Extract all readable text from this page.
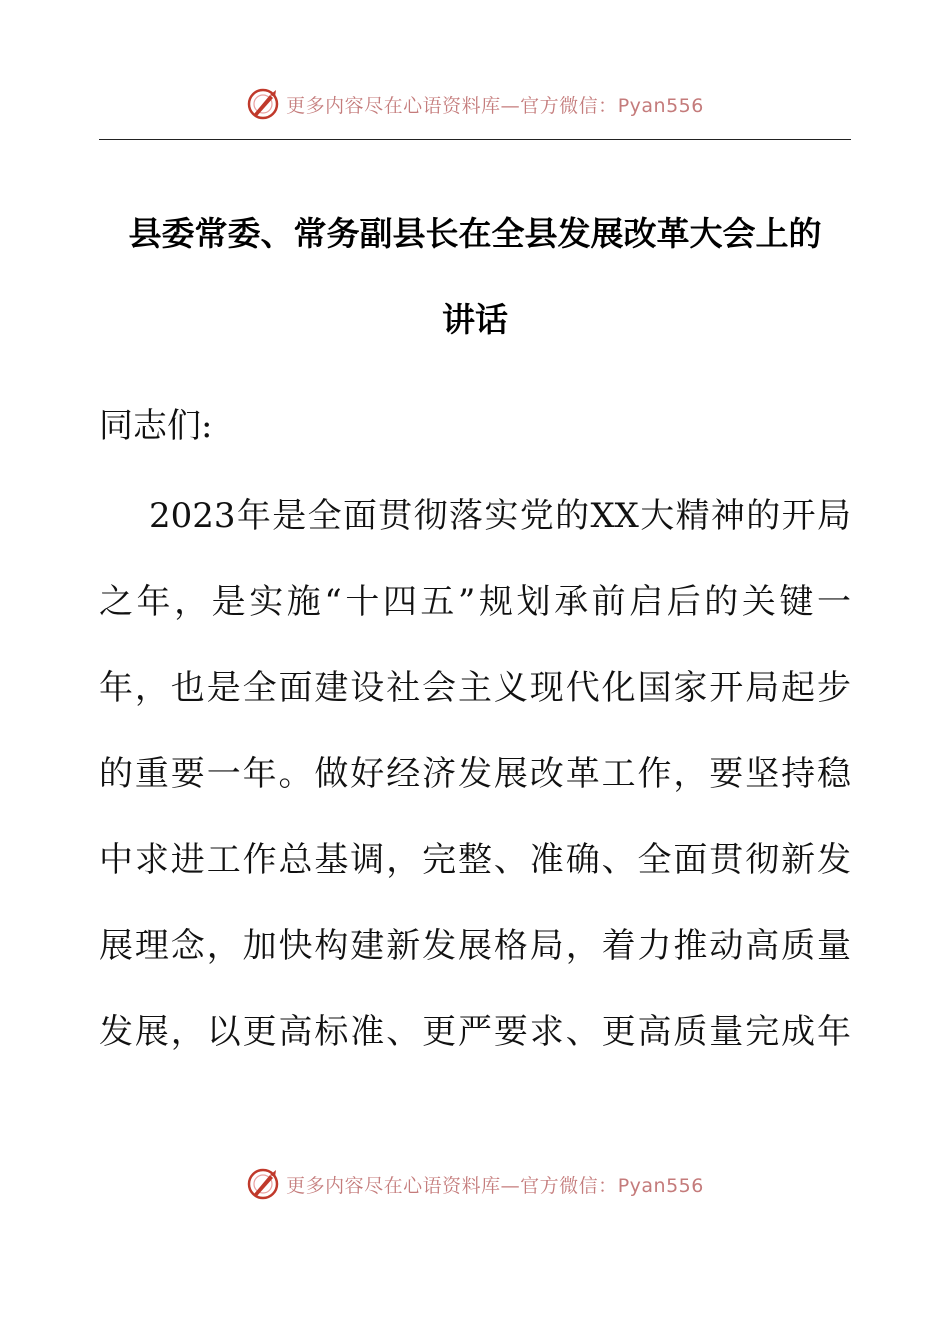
更多内容尽在心语资料库—官方微信：Pyan556
县委常委、常务副县长在全县发展改革大会上的
讲话

同志们:

2023年是全面贯彻落实党的XX大精神的开局
之年，是实施“十四五”规划承前启后的关键一
年，也是全面建设社会主义现代化国家开局起步
的重要一年。做好经济发展改革工作，要坚持稳
中求进工作总基调，完整、准确、全面贯彻新发
展理念，加快构建新发展格局，着力推动高质量
发展，以更高标准、更严要求、更高质量完成年
更多内容尽在心语资料库—官方微信：Pyan556
